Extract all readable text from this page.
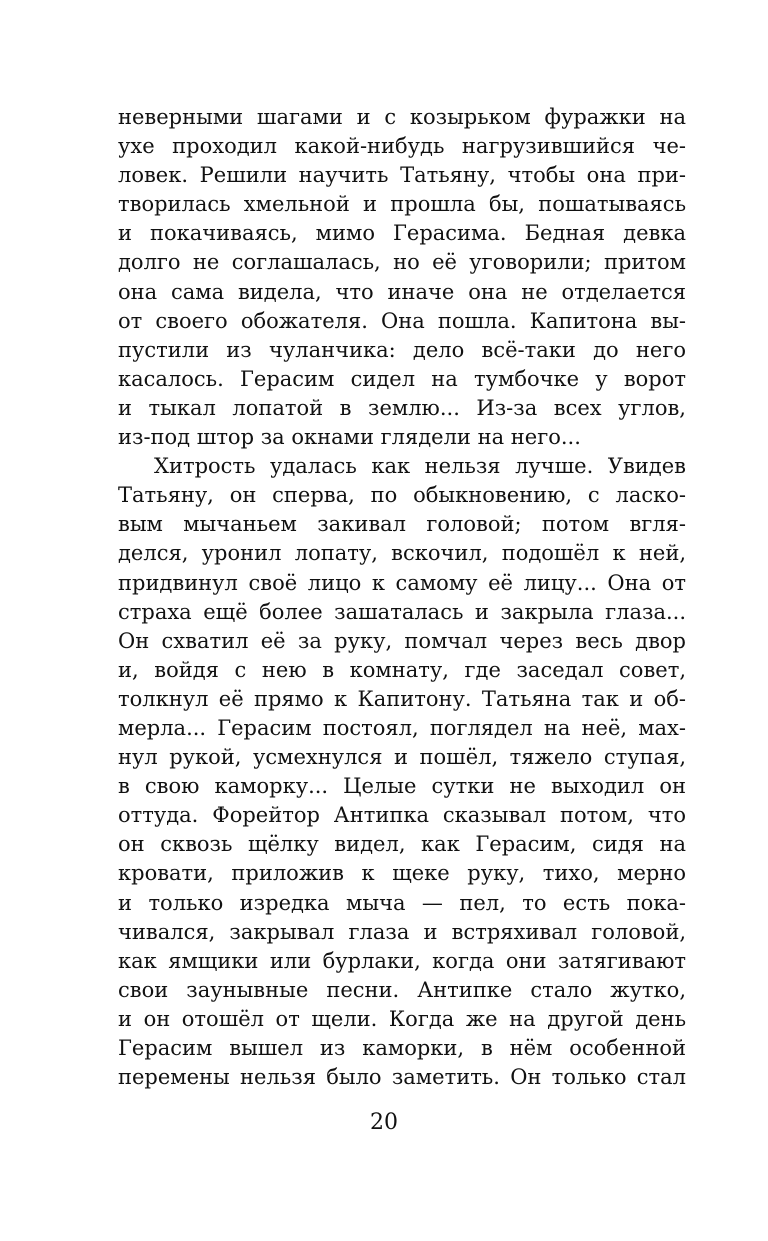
неверными шагами и с козырьком фуражки на
ухе проходил какой-нибудь нагрузившийся че-
ловек. Решили научить Татьяну, чтобы она при-
творилась хмельной и прошла бы, пошатываясь
и покачиваясь, мимо Герасима. Бедная девка
долго не соглашалась, но её уговорили; притом
она сама видела, что иначе она не отделается
от своего обожателя. Она пошла. Капитона вы-
пустили из чуланчика: дело всё-таки до него
касалось. Герасим сидел на тумбочке у ворот
и тыкал лопатой в землю... Из-за всех углов,
из-под штор за окнами глядели на него...
Хитрость удалась как нельзя лучше. Увидев
Татьяну, он сперва, по обыкновению, с ласко-
вым мычаньем закивал головой; потом вгля-
делся, уронил лопату, вскочил, подошёл к ней,
придвинул своё лицо к самому её лицу... Она от
страха ещё более зашаталась и закрыла глаза...
Он схватил её за руку, помчал через весь двор
и, войдя с нею в комнату, где заседал совет,
толкнул её прямо к Капитону. Татьяна так и об-
мерла... Герасим постоял, поглядел на неё, мах-
нул рукой, усмехнулся и пошёл, тяжело ступая,
в свою каморку... Целые сутки не выходил он
оттуда. Форейтор Антипка сказывал потом, что
он сквозь щёлку видел, как Герасим, сидя на
кровати, приложив к щеке руку, тихо, мерно
и только изредка мыча — пел, то есть пока-
чивался, закрывал глаза и встряхивал головой,
как ямщики или бурлаки, когда они затягивают
свои заунывные песни. Антипке стало жутко,
и он отошёл от щели. Когда же на другой день
Герасим вышел из каморки, в нём особенной
перемены нельзя было заметить. Он только стал
20
